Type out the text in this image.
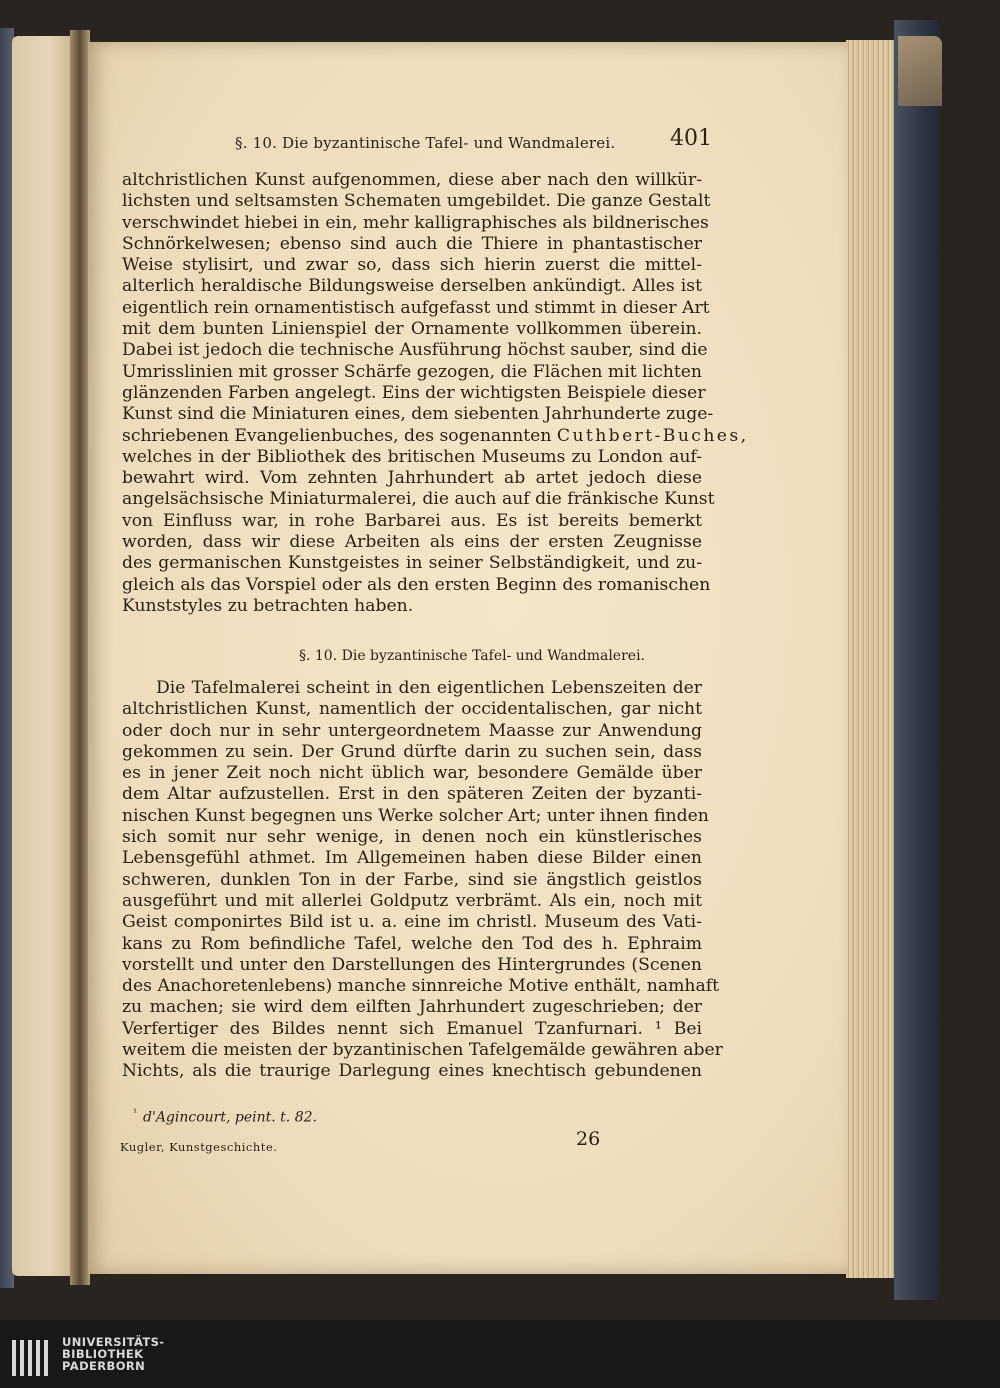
§. 10. Die byzantinische Tafel- und Wandmalerei. 401
altchristlichen Kunst aufgenommen, diese aber nach den willkür-
lichsten und seltsamsten Schematen umgebildet. Die ganze Gestalt
verschwindet hiebei in ein, mehr kalligraphisches als bildnerisches
Schnörkelwesen; ebenso sind auch die Thiere in phantastischer
Weise stylisirt, und zwar so, dass sich hierin zuerst die mittel-
alterlich heraldische Bildungsweise derselben ankündigt. Alles ist
eigentlich rein ornamentistisch aufgefasst und stimmt in dieser Art
mit dem bunten Linienspiel der Ornamente vollkommen überein.
Dabei ist jedoch die technische Ausführung höchst sauber, sind die
Umrisslinien mit grosser Schärfe gezogen, die Flächen mit lichten
glänzenden Farben angelegt. Eins der wichtigsten Beispiele dieser
Kunst sind die Miniaturen eines, dem siebenten Jahrhunderte zuge-
schriebenen Evangelienbuches, des sogenannten Cuthbert-Buches,
welches in der Bibliothek des britischen Museums zu London auf-
bewahrt wird. Vom zehnten Jahrhundert ab artet jedoch diese
angelsächsische Miniaturmalerei, die auch auf die fränkische Kunst
von Einfluss war, in rohe Barbarei aus. Es ist bereits bemerkt
worden, dass wir diese Arbeiten als eins der ersten Zeugnisse
des germanischen Kunstgeistes in seiner Selbständigkeit, und zu-
gleich als das Vorspiel oder als den ersten Beginn des romanischen
Kunststyles zu betrachten haben.
§. 10. Die byzantinische Tafel- und Wandmalerei.
Die Tafelmalerei scheint in den eigentlichen Lebenszeiten der
altchristlichen Kunst, namentlich der occidentalischen, gar nicht
oder doch nur in sehr untergeordnetem Maasse zur Anwendung
gekommen zu sein. Der Grund dürfte darin zu suchen sein, dass
es in jener Zeit noch nicht üblich war, besondere Gemälde über
dem Altar aufzustellen. Erst in den späteren Zeiten der byzanti-
nischen Kunst begegnen uns Werke solcher Art; unter ihnen finden
sich somit nur sehr wenige, in denen noch ein künstlerisches
Lebensgefühl athmet. Im Allgemeinen haben diese Bilder einen
schweren, dunklen Ton in der Farbe, sind sie ängstlich geistlos
ausgeführt und mit allerlei Goldputz verbrämt. Als ein, noch mit
Geist componirtes Bild ist u. a. eine im christl. Museum des Vati-
kans zu Rom befindliche Tafel, welche den Tod des h. Ephraim
vorstellt und unter den Darstellungen des Hintergrundes (Scenen
des Anachoretenlebens) manche sinnreiche Motive enthält, namhaft
zu machen; sie wird dem eilften Jahrhundert zugeschrieben; der
Verfertiger des Bildes nennt sich Emanuel Tzanfurnari. ¹ Bei
weitem die meisten der byzantinischen Tafelgemälde gewähren aber
Nichts, als die traurige Darlegung eines knechtisch gebundenen
$^{^1}$ d'Agincourt, peint. t. 82.
Kugler, Kunstgeschichte.	26
UNIVERSITÄTS-
BIBLIOTHEK
PADERBORN
